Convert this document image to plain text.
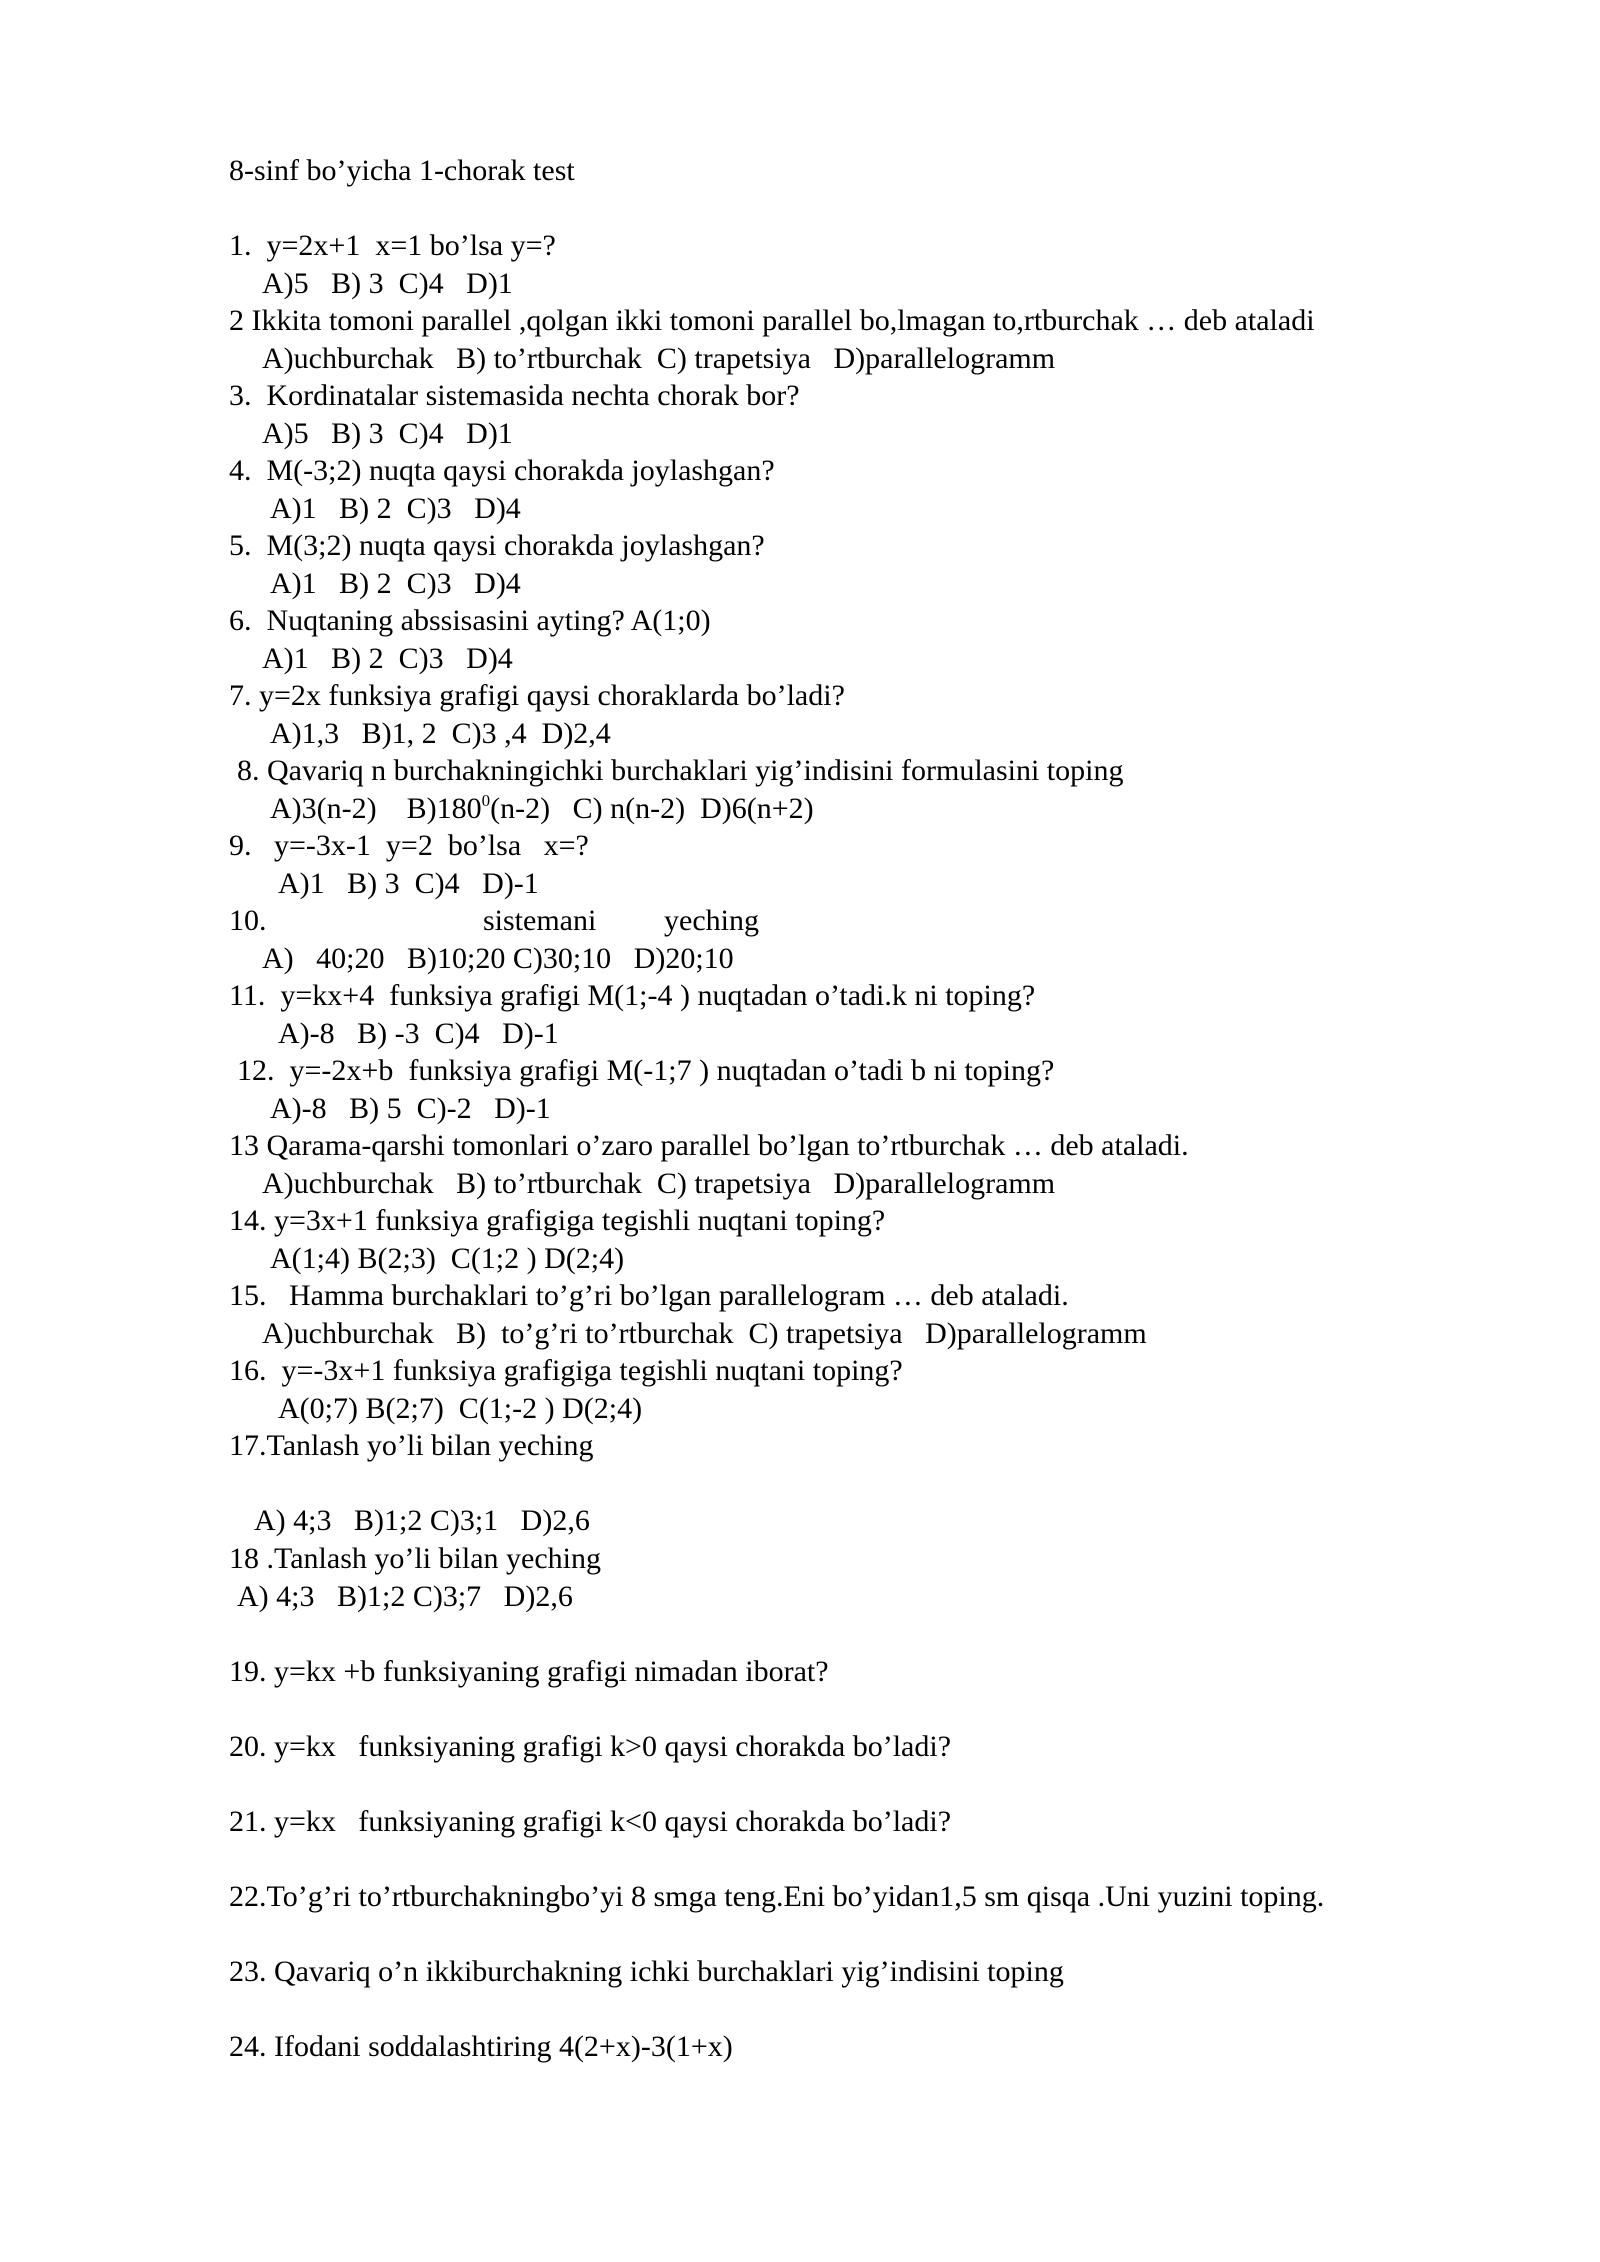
8-sinf bo’yicha 1-chorak test
1.  y=2x+1  x=1 bo’lsa y=?
A)5   B) 3  C)4   D)1
2 Ikkita tomoni parallel ,qolgan ikki tomoni parallel bo,lmagan to,rtburchak … deb ataladi
A)uchburchak   B) to’rtburchak  C) trapetsiya   D)parallelogramm
3.  Kordinatalar sistemasida nechta chorak bor?
A)5   B) 3  C)4   D)1
4.  M(-3;2) nuqta qaysi chorakda joylashgan?
A)1   B) 2  C)3   D)4
5.  M(3;2) nuqta qaysi chorakda joylashgan?
A)1   B) 2  C)3   D)4
6.  Nuqtaning abssisasini ayting? A(1;0)
A)1   B) 2  C)3   D)4
7. y=2x funksiya grafigi qaysi choraklarda bo’ladi?
A)1,3   B)1, 2  C)3 ,4  D)2,4
8. Qavariq n burchakningichki burchaklari yig’indisini formulasini toping
A)3(n-2)    $B)180^0(n-2)$   C) n(n-2)  D)6(n+2)
9.   y=-3x-1  y=2  bo’lsa   x=?
A)1   B) 3  C)4   D)-1
10.	sistemani yeching
A)   40;20   B)10;20 C)30;10   D)20;10
11.  y=kx+4  funksiya grafigi M(1;-4 ) nuqtadan o’tadi.k ni toping?
A)-8   B) -3  C)4   D)-1
12.  y=-2x+b  funksiya grafigi M(-1;7 ) nuqtadan o’tadi b ni toping?
A)-8   B) 5  C)-2   D)-1
13 Qarama-qarshi tomonlari o’zaro parallel bo’lgan to’rtburchak … deb ataladi.
A)uchburchak   B) to’rtburchak  C) trapetsiya   D)parallelogramm
14. y=3x+1 funksiya grafigiga tegishli nuqtani toping?
A(1;4) B(2;3)  C(1;2 ) D(2;4)
15.   Hamma burchaklari to’g’ri bo’lgan parallelogram … deb ataladi.
A)uchburchak   B)  to’g’ri to’rtburchak  C) trapetsiya   D)parallelogramm
16.  y=-3x+1 funksiya grafigiga tegishli nuqtani toping?
A(0;7) B(2;7)  C(1;-2 ) D(2;4)
17.Tanlash yo’li bilan yeching
A) 4;3   B)1;2 C)3;1   D)2,6
18 .Tanlash yo’li bilan yeching
A) 4;3   B)1;2 C)3;7   D)2,6
19. y=kx +b funksiyaning grafigi nimadan iborat?
20. y=kx   funksiyaning grafigi k>0 qaysi chorakda bo’ladi?
21. y=kx   funksiyaning grafigi k<0 qaysi chorakda bo’ladi?
22.To’g’ri to’rtburchakningbo’yi 8 smga teng.Eni bo’yidan1,5 sm qisqa .Uni yuzini toping.
23. Qavariq o’n ikkiburchakning ichki burchaklari yig’indisini toping
24. Ifodani soddalashtiring 4(2+x)-3(1+x)
